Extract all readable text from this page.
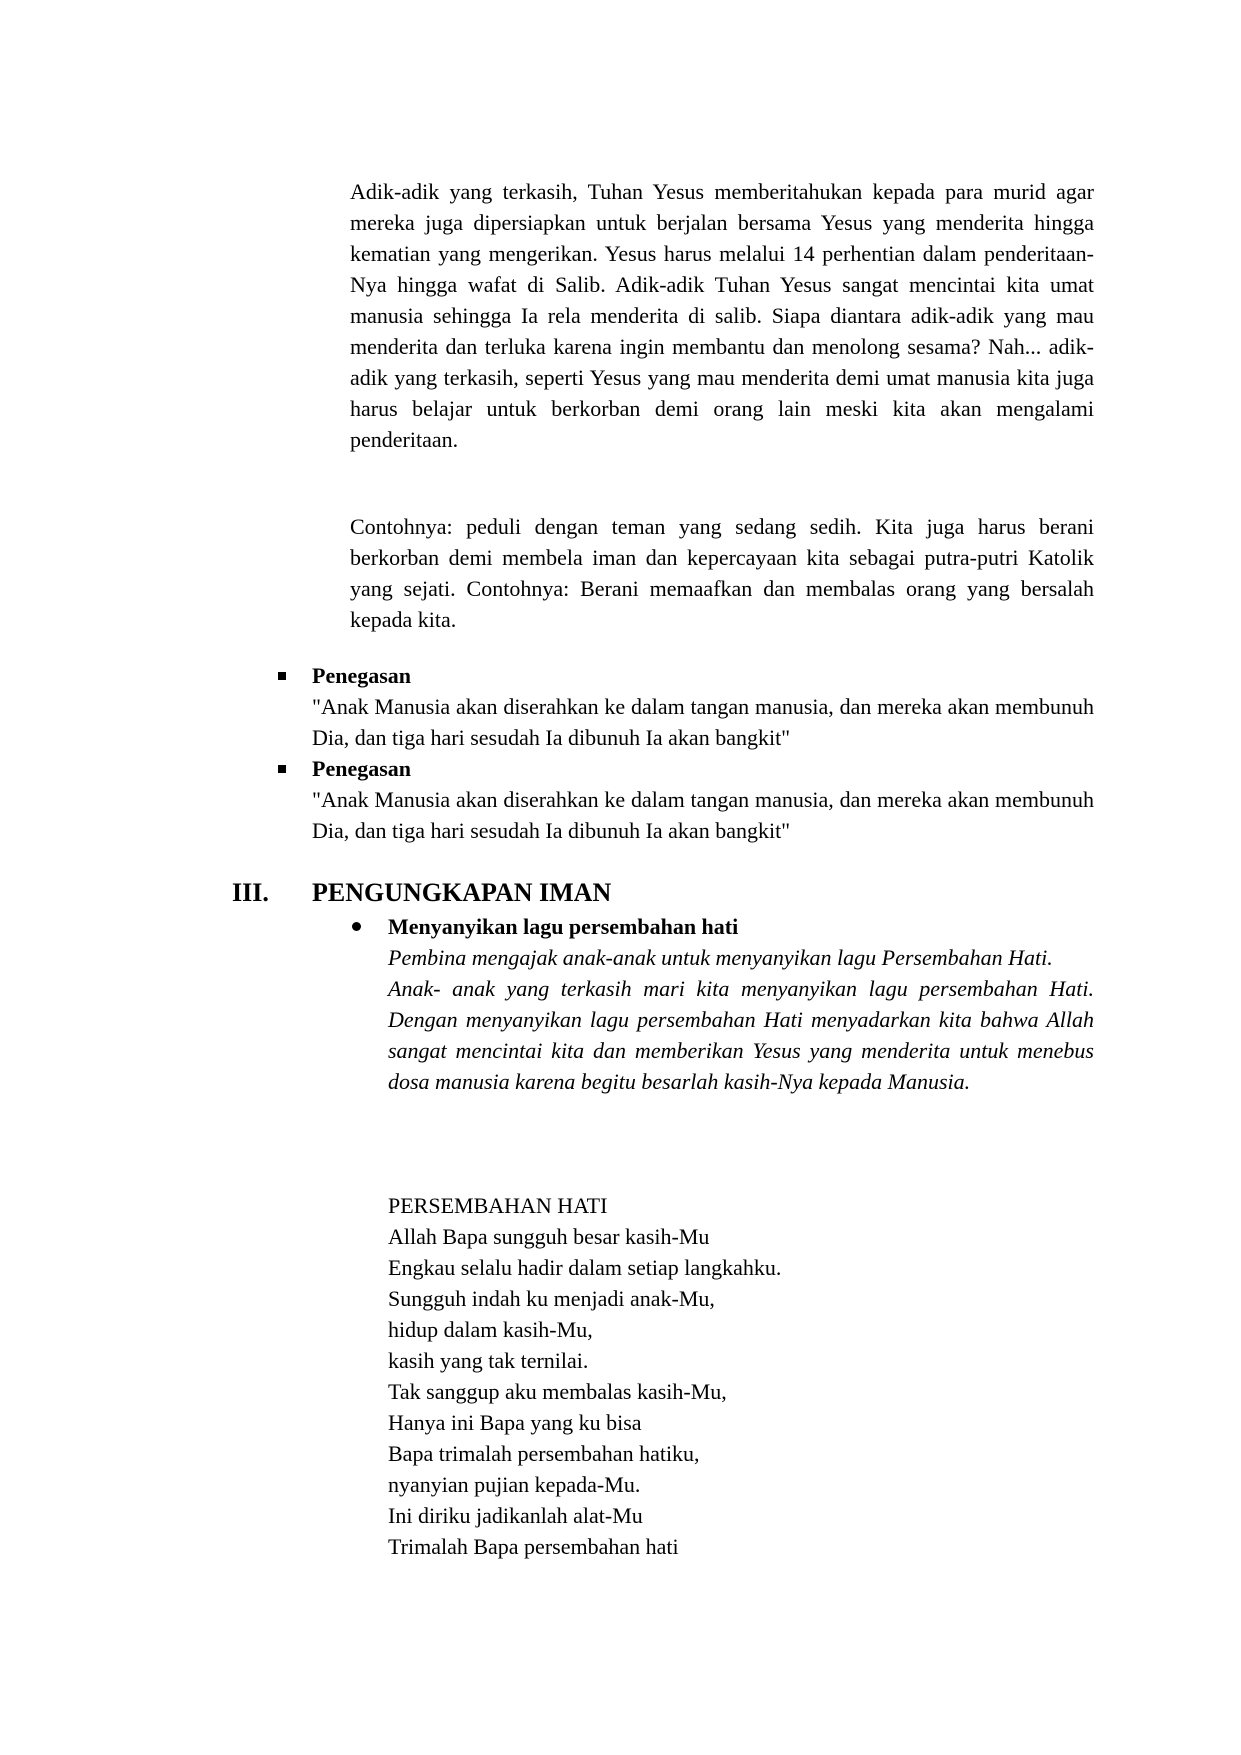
Adik-adik yang terkasih, Tuhan Yesus memberitahukan kepada para murid agar mereka juga dipersiapkan untuk berjalan bersama Yesus yang menderita hingga kematian yang mengerikan. Yesus harus melalui 14 perhentian dalam penderitaan-Nya hingga wafat di Salib. Adik-adik Tuhan Yesus sangat mencintai kita umat manusia sehingga Ia rela menderita di salib. Siapa diantara adik-adik yang mau menderita dan terluka karena ingin membantu dan menolong sesama? Nah... adik-adik yang terkasih, seperti Yesus yang mau menderita demi umat manusia kita juga harus belajar untuk berkorban demi orang lain meski kita akan mengalami penderitaan.

Contohnya: peduli dengan teman yang sedang sedih. Kita juga harus berani berkorban demi membela iman dan kepercayaan kita sebagai putra-putri Katolik yang sejati. Contohnya: Berani memaafkan dan membalas orang yang bersalah kepada kita.

Penegasan
"Anak Manusia akan diserahkan ke dalam tangan manusia, dan mereka akan membunuh Dia, dan tiga hari sesudah Ia dibunuh Ia akan bangkit"
Penegasan
"Anak Manusia akan diserahkan ke dalam tangan manusia, dan mereka akan membunuh Dia, dan tiga hari sesudah Ia dibunuh Ia akan bangkit"
III. PENGUNGKAPAN IMAN
Menyanyikan lagu persembahan hati
Pembina mengajak anak-anak untuk menyanyikan lagu Persembahan Hati.
Anak- anak yang terkasih mari kita menyanyikan lagu persembahan Hati. Dengan menyanyikan lagu persembahan Hati menyadarkan kita bahwa Allah sangat mencintai kita dan memberikan Yesus yang menderita untuk menebus dosa manusia karena begitu besarlah kasih-Nya kepada Manusia.
PERSEMBAHAN HATI
Allah Bapa sungguh besar kasih-Mu
Engkau selalu hadir dalam setiap langkahku.
Sungguh indah ku menjadi anak-Mu,
hidup dalam kasih-Mu,
kasih yang tak ternilai.
Tak sanggup aku membalas kasih-Mu,
Hanya ini Bapa yang ku bisa
Bapa trimalah persembahan hatiku,
nyanyian pujian kepada-Mu.
Ini diriku jadikanlah alat-Mu
Trimalah Bapa persembahan hati
